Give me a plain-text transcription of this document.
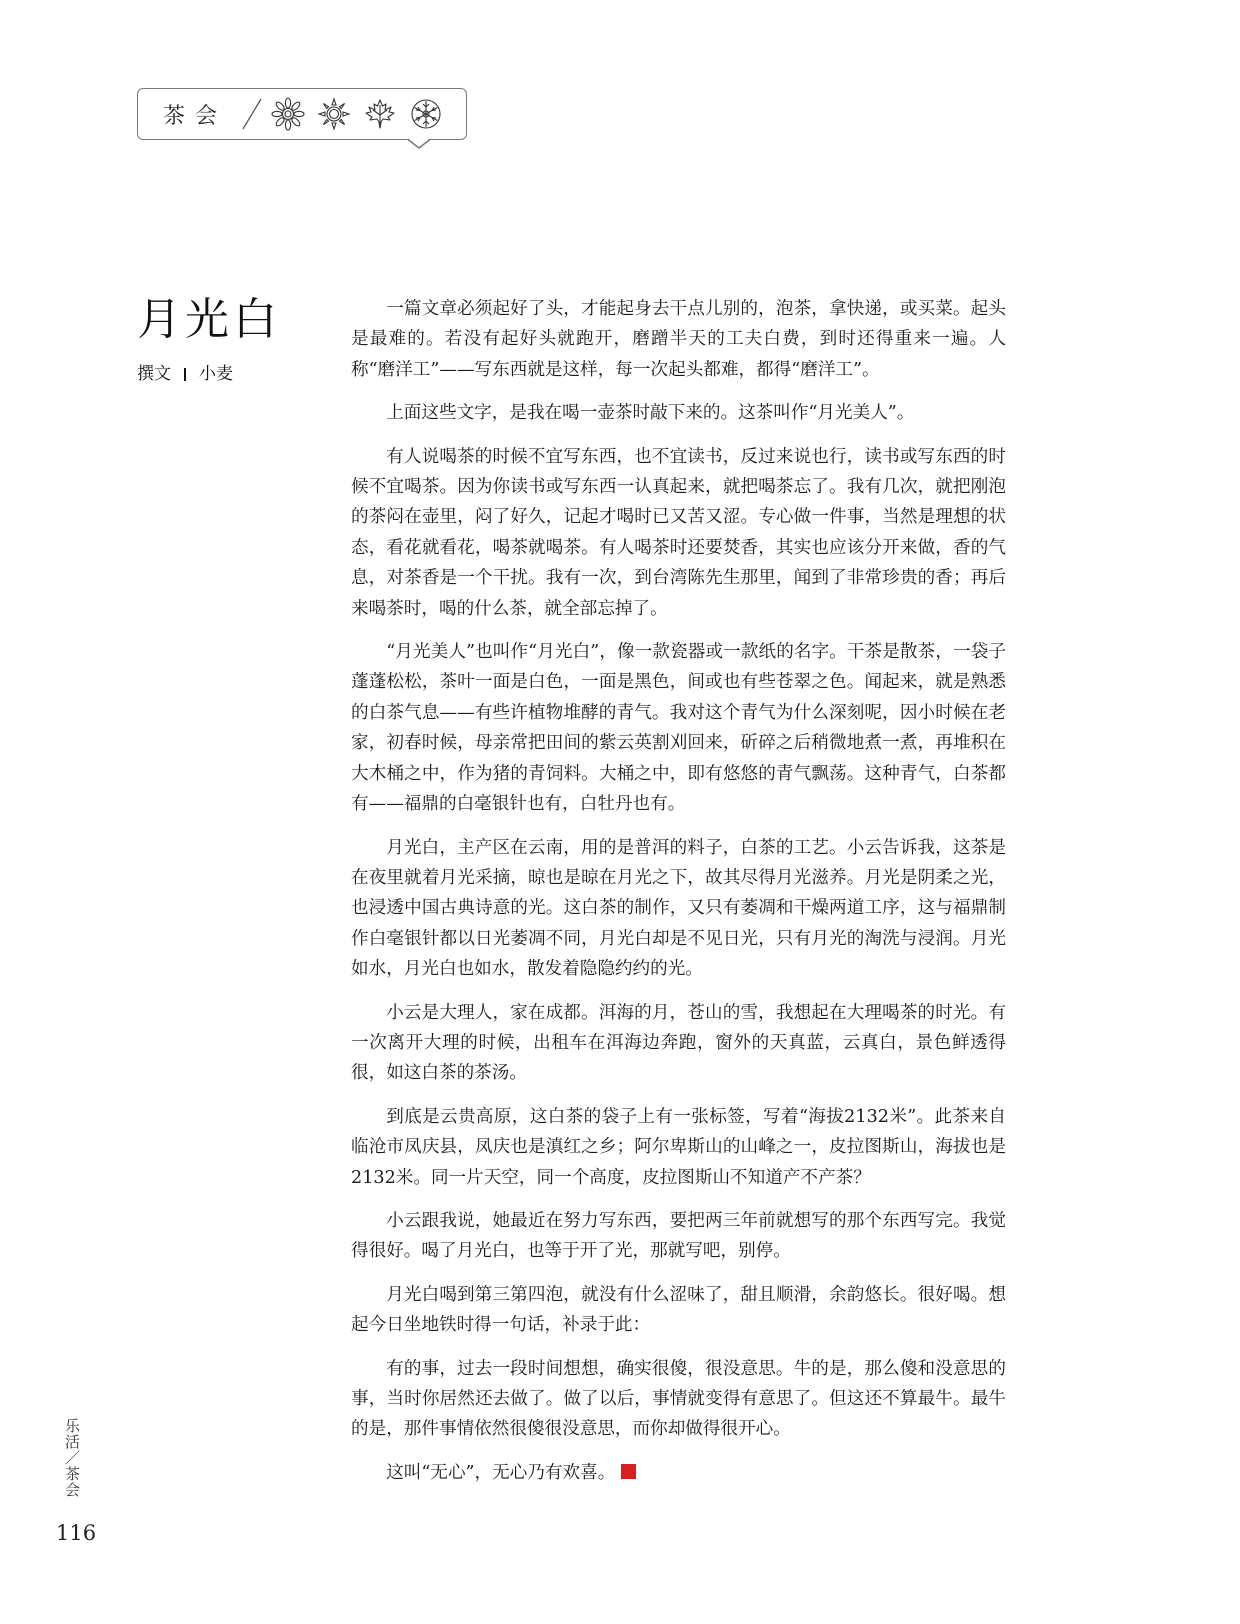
茶会
月光白
撰文 小麦

一篇文章必须起好了头，才能起身去干点儿别的，泡茶，拿快递，或买菜。起头是最难的。若没有起好头就跑开，磨蹭半天的工夫白费，到时还得重来一遍。人称“磨洋工”——写东西就是这样，每一次起头都难，都得“磨洋工”。

上面这些文字，是我在喝一壶茶时敲下来的。这茶叫作“月光美人”。

有人说喝茶的时候不宜写东西，也不宜读书，反过来说也行，读书或写东西的时候不宜喝茶。因为你读书或写东西一认真起来，就把喝茶忘了。我有几次，就把刚泡的茶闷在壶里，闷了好久，记起才喝时已又苦又涩。专心做一件事，当然是理想的状态，看花就看花，喝茶就喝茶。有人喝茶时还要焚香，其实也应该分开来做，香的气息，对茶香是一个干扰。我有一次，到台湾陈先生那里，闻到了非常珍贵的香；再后来喝茶时，喝的什么茶，就全部忘掉了。

“月光美人”也叫作“月光白”，像一款瓷器或一款纸的名字。干茶是散茶，一袋子蓬蓬松松，茶叶一面是白色，一面是黑色，间或也有些苍翠之色。闻起来，就是熟悉的白茶气息——有些许植物堆酵的青气。我对这个青气为什么深刻呢，因小时候在老家，初春时候，母亲常把田间的紫云英割刈回来，斫碎之后稍微地煮一煮，再堆积在大木桶之中，作为猪的青饲料。大桶之中，即有悠悠的青气飘荡。这种青气，白茶都有——福鼎的白毫银针也有，白牡丹也有。

月光白，主产区在云南，用的是普洱的料子，白茶的工艺。小云告诉我，这茶是在夜里就着月光采摘，晾也是晾在月光之下，故其尽得月光滋养。月光是阴柔之光，也浸透中国古典诗意的光。这白茶的制作，又只有萎凋和干燥两道工序，这与福鼎制作白毫银针都以日光萎凋不同，月光白却是不见日光，只有月光的淘洗与浸润。月光如水，月光白也如水，散发着隐隐约约的光。

小云是大理人，家在成都。洱海的月，苍山的雪，我想起在大理喝茶的时光。有一次离开大理的时候，出租车在洱海边奔跑，窗外的天真蓝，云真白，景色鲜透得很，如这白茶的茶汤。

到底是云贵高原，这白茶的袋子上有一张标签，写着“海拔2132米”。此茶来自临沧市凤庆县，凤庆也是滇红之乡；阿尔卑斯山的山峰之一，皮拉图斯山，海拔也是2132米。同一片天空，同一个高度，皮拉图斯山不知道产不产茶？

小云跟我说，她最近在努力写东西，要把两三年前就想写的那个东西写完。我觉得很好。喝了月光白，也等于开了光，那就写吧，别停。

月光白喝到第三第四泡，就没有什么涩味了，甜且顺滑，余韵悠长。很好喝。想起今日坐地铁时得一句话，补录于此：

有的事，过去一段时间想想，确实很傻，很没意思。牛的是，那么傻和没意思的事，当时你居然还去做了。做了以后，事情就变得有意思了。但这还不算最牛。最牛的是，那件事情依然很傻很没意思，而你却做得很开心。

这叫“无心”，无心乃有欢喜。

乐活／茶会
116
